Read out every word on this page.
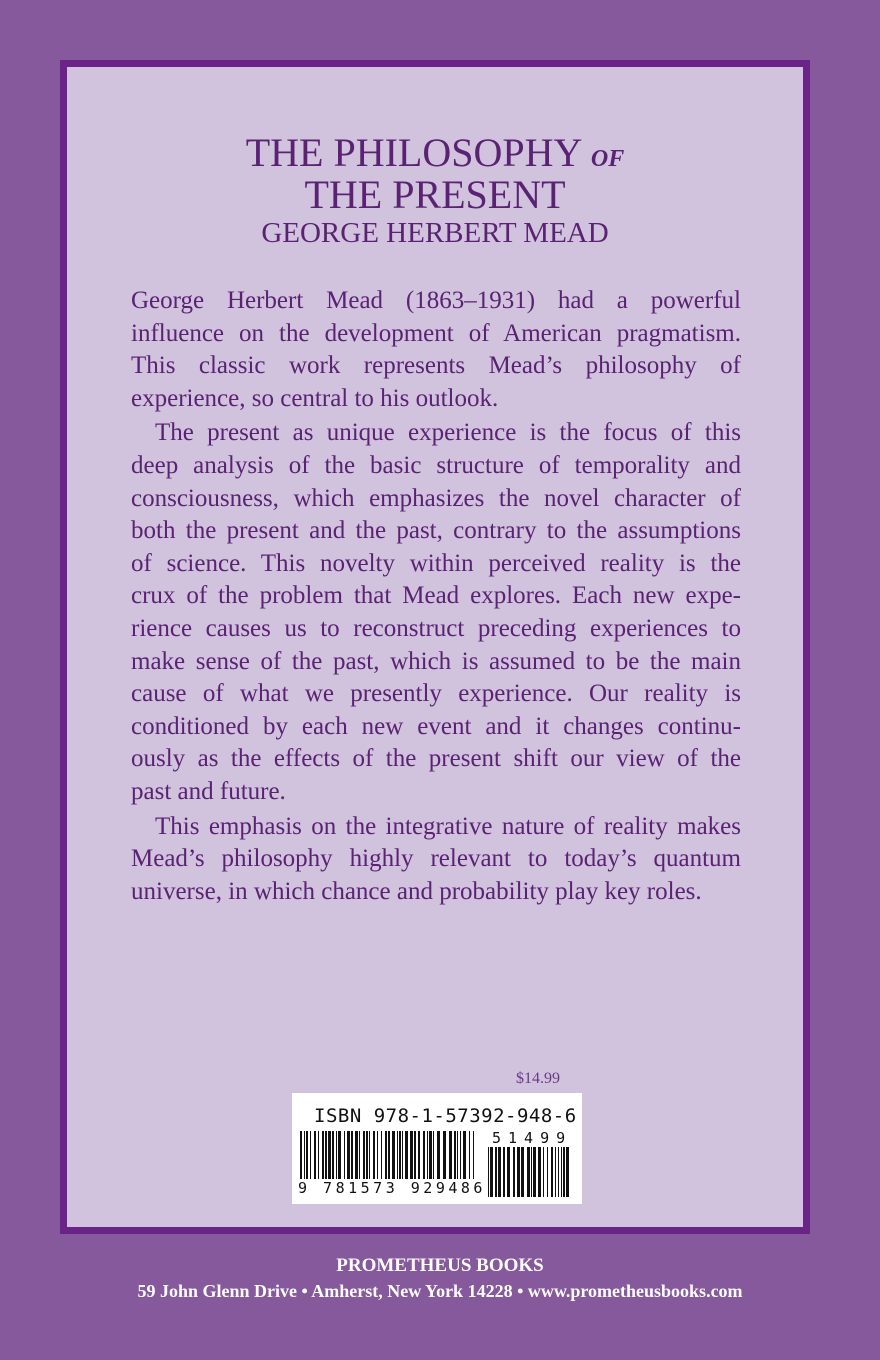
THE PHILOSOPHY of
THE PRESENT
GEORGE HERBERT MEAD
George Herbert Mead (1863–1931) had a powerful
influence on the development of American pragmatism.
This classic work represents Mead’s philosophy of
experience, so central to his outlook.
The present as unique experience is the focus of this
deep analysis of the basic structure of temporality and
consciousness, which emphasizes the novel character of
both the present and the past, contrary to the assumptions
of science. This novelty within perceived reality is the
crux of the problem that Mead explores. Each new expe-
rience causes us to reconstruct preceding experiences to
make sense of the past, which is assumed to be the main
cause of what we presently experience. Our reality is
conditioned by each new event and it changes continu-
ously as the effects of the present shift our view of the
past and future.
This emphasis on the integrative nature of reality makes
Mead’s philosophy highly relevant to today’s quantum
universe, in which chance and probability play key roles.
$14.99
ISBN 978-1-57392-948-6
51499
9 781573 929486
PROMETHEUS BOOKS
59 John Glenn Drive • Amherst, New York 14228 • www.prometheusbooks.com
